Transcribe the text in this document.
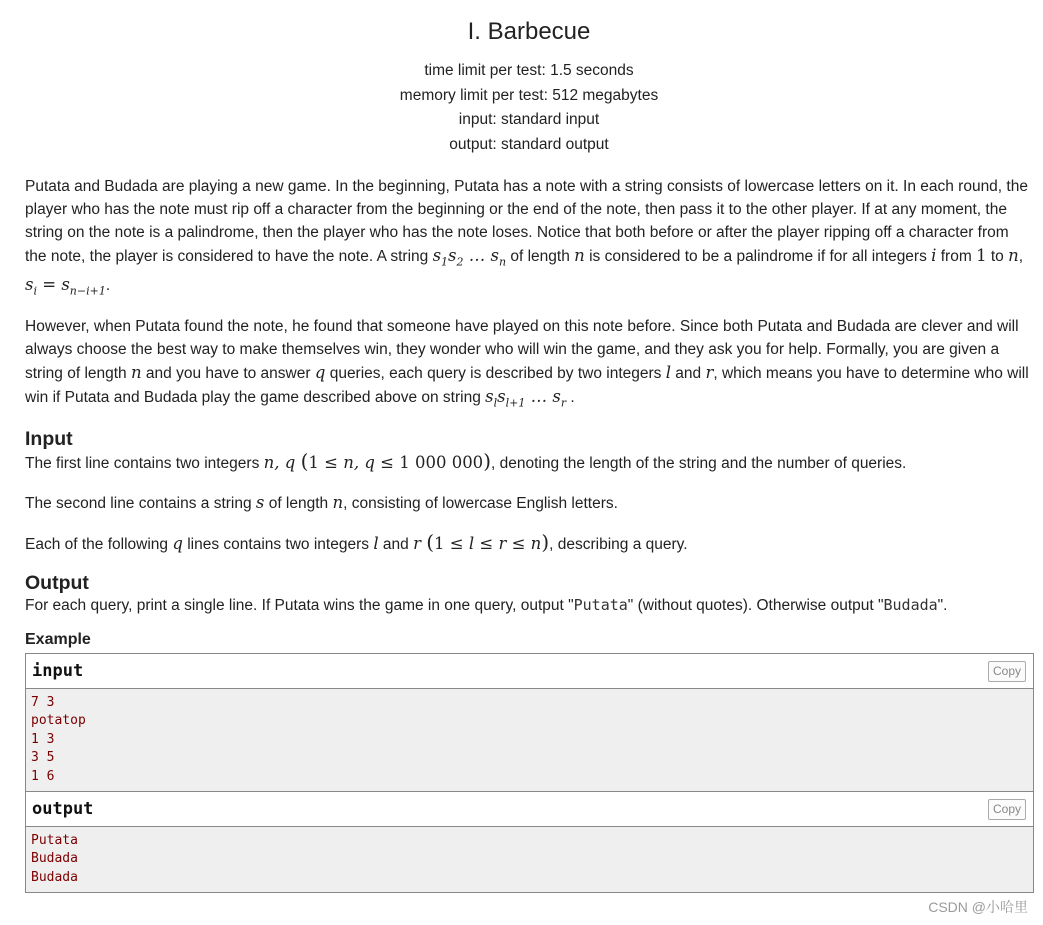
I. Barbecue
time limit per test: 1.5 seconds
memory limit per test: 512 megabytes
input: standard input
output: standard output

Putata and Budada are playing a new game. In the beginning, Putata has a note with a string consists of lowercase letters on it. In each round, the player who has the note must rip off a character from the beginning or the end of the note, then pass it to the other player. If at any moment, the string on the note is a palindrome, then the player who has the note loses. Notice that both before or after the player ripping off a character from the note, the player is considered to have the note. A string $s_1s_2$ … $s_n$ of length n is considered to be a palindrome if for all integers i from 1 to n, $s_i = s_{n-i+1}$.

However, when Putata found the note, he found that someone have played on this note before. Since both Putata and Budada are clever and will always choose the best way to make themselves win, they wonder who will win the game, and they ask you for help. Formally, you are given a string of length n and you have to answer q queries, each query is described by two integers l and r, which means you have to determine who will win if Putata and Budada play the game described above on string $s_ls_{l+1}$ … $s_r$ .

Input

The first line contains two integers n, q (1 ≤ n, q ≤ 1 000 000), denoting the length of the string and the number of queries.

The second line contains a string s of length n, consisting of lowercase English letters.

Each of the following q lines contains two integers l and r (1 ≤ l ≤ r ≤ n), describing a query.

Output

For each query, print a single line. If Putata wins the game in one query, output "Putata" (without quotes). Otherwise output "Budada".

Example
input	Copy
7 3
potatop
1 3
3 5
1 6
output	Copy
Putata
Budada
Budada
CSDN @小哈里
